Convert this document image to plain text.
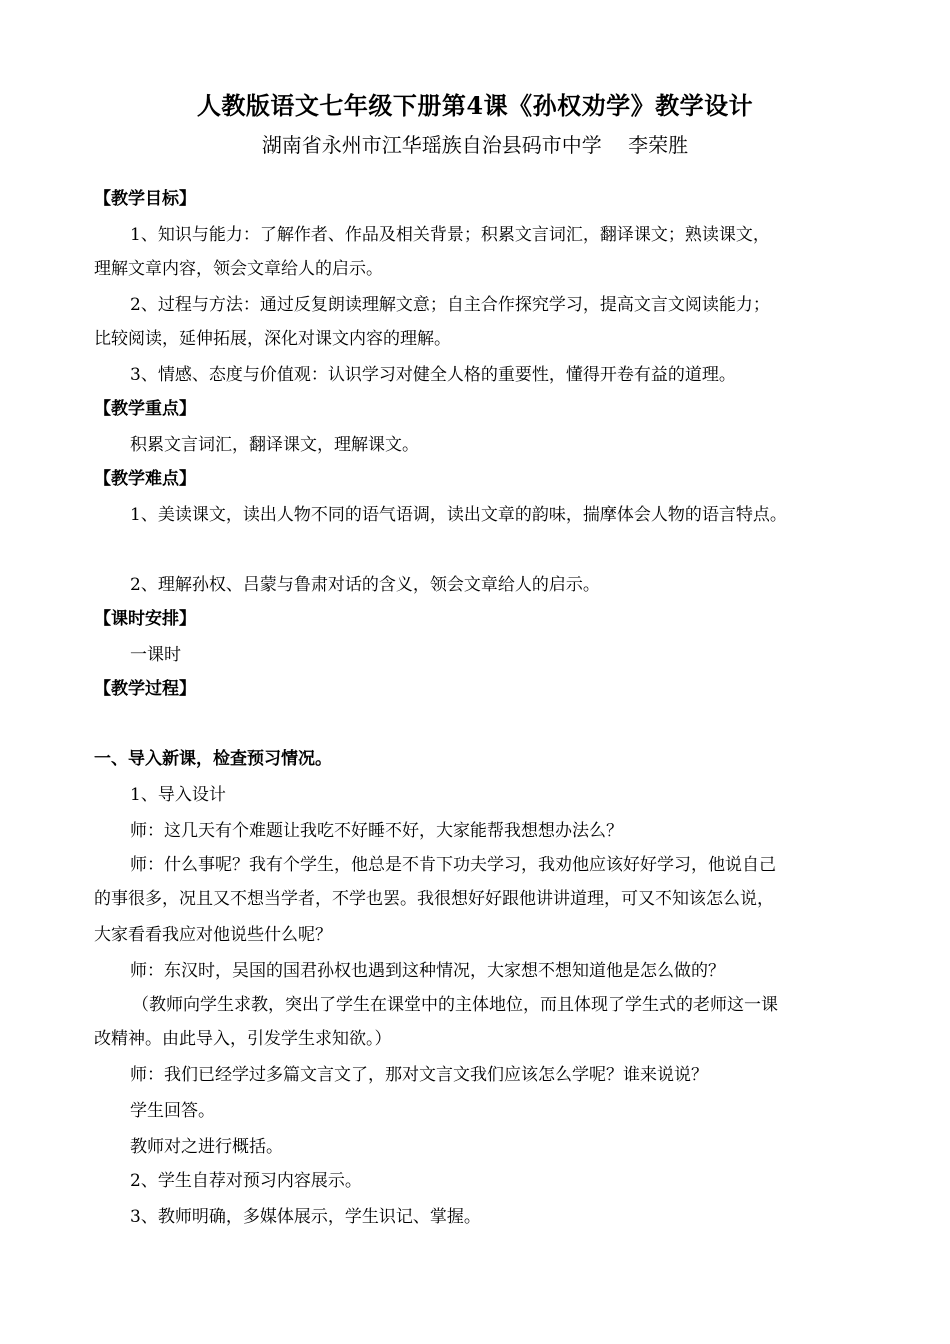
人教版语文七年级下册第4课《孙权劝学》教学设计
湖南省永州市江华瑶族自治县码市中学　 李荣胜
【教学目标】
1、知识与能力：了解作者、作品及相关背景；积累文言词汇，翻译课文；熟读课文，
理解文章内容，领会文章给人的启示。
2、过程与方法：通过反复朗读理解文意；自主合作探究学习，提高文言文阅读能力；
比较阅读，延伸拓展，深化对课文内容的理解。
3、情感、态度与价值观：认识学习对健全人格的重要性，懂得开卷有益的道理。
【教学重点】
积累文言词汇，翻译课文，理解课文。
【教学难点】
1、美读课文，读出人物不同的语气语调，读出文章的韵味，揣摩体会人物的语言特点。
2、理解孙权、吕蒙与鲁肃对话的含义，领会文章给人的启示。
【课时安排】
一课时
【教学过程】
一、导入新课，检查预习情况。
1、导入设计
师：这几天有个难题让我吃不好睡不好，大家能帮我想想办法么？
师：什么事呢？我有个学生，他总是不肯下功夫学习，我劝他应该好好学习，他说自己
的事很多，况且又不想当学者，不学也罢。我很想好好跟他讲讲道理，可又不知该怎么说，
大家看看我应对他说些什么呢？
师：东汉时，吴国的国君孙权也遇到这种情况，大家想不想知道他是怎么做的？
（教师向学生求教，突出了学生在课堂中的主体地位，而且体现了学生式的老师这一课
改精神。由此导入，引发学生求知欲。）
师：我们已经学过多篇文言文了，那对文言文我们应该怎么学呢？谁来说说？
学生回答。
教师对之进行概括。
2、学生自荐对预习内容展示。
3、教师明确，多媒体展示，学生识记、掌握。
